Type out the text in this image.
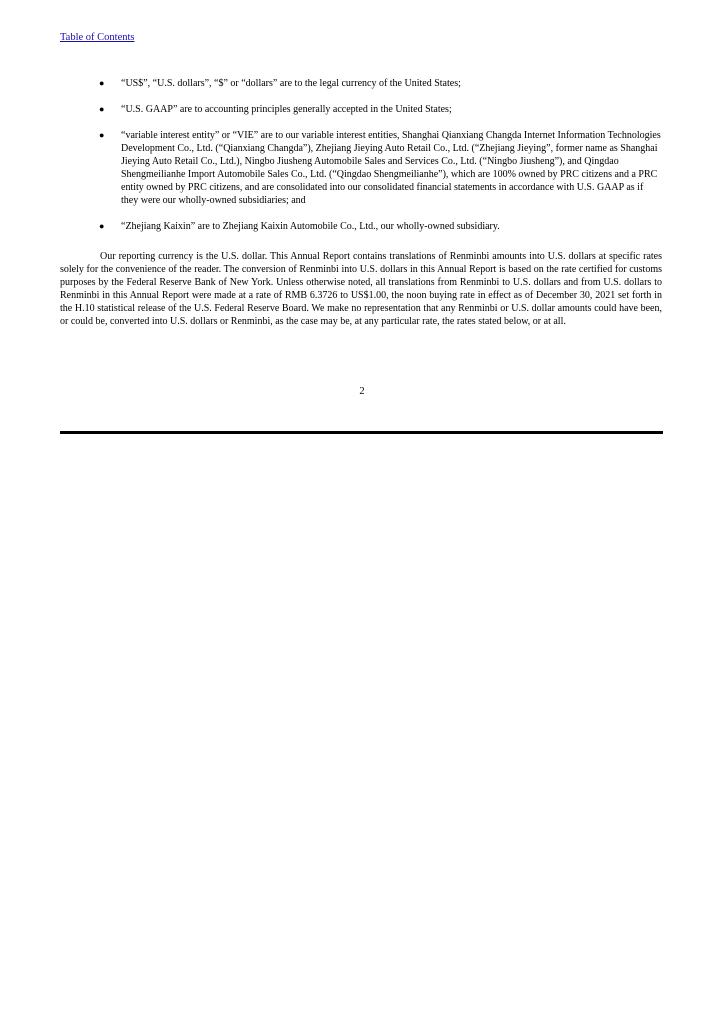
Table of Contents
● “US$”, “U.S. dollars”, “$” or “dollars” are to the legal currency of the United States;
● “U.S. GAAP” are to accounting principles generally accepted in the United States;
● “variable interest entity” or “VIE” are to our variable interest entities, Shanghai Qianxiang Changda Internet Information Technologies Development Co., Ltd. (“Qianxiang Changda”), Zhejiang Jieying Auto Retail Co., Ltd. (“Zhejiang Jieying”, former name as Shanghai Jieying Auto Retail Co., Ltd.), Ningbo Jiusheng Automobile Sales and Services Co., Ltd. (“Ningbo Jiusheng”), and Qingdao Shengmeilianhe Import Automobile Sales Co., Ltd. (“Qingdao Shengmeilianhe”), which are 100% owned by PRC citizens and a PRC entity owned by PRC citizens, and are consolidated into our consolidated financial statements in accordance with U.S. GAAP as if they were our wholly-owned subsidiaries; and
● “Zhejiang Kaixin” are to Zhejiang Kaixin Automobile Co., Ltd., our wholly-owned subsidiary.

Our reporting currency is the U.S. dollar. This Annual Report contains translations of Renminbi amounts into U.S. dollars at specific rates solely for the convenience of the reader. The conversion of Renminbi into U.S. dollars in this Annual Report is based on the rate certified for customs purposes by the Federal Reserve Bank of New York. Unless otherwise noted, all translations from Renminbi to U.S. dollars and from U.S. dollars to Renminbi in this Annual Report were made at a rate of RMB 6.3726 to US$1.00, the noon buying rate in effect as of December 30, 2021 set forth in the H.10 statistical release of the U.S. Federal Reserve Board. We make no representation that any Renminbi or U.S. dollar amounts could have been, or could be, converted into U.S. dollars or Renminbi, as the case may be, at any particular rate, the rates stated below, or at all.

2
